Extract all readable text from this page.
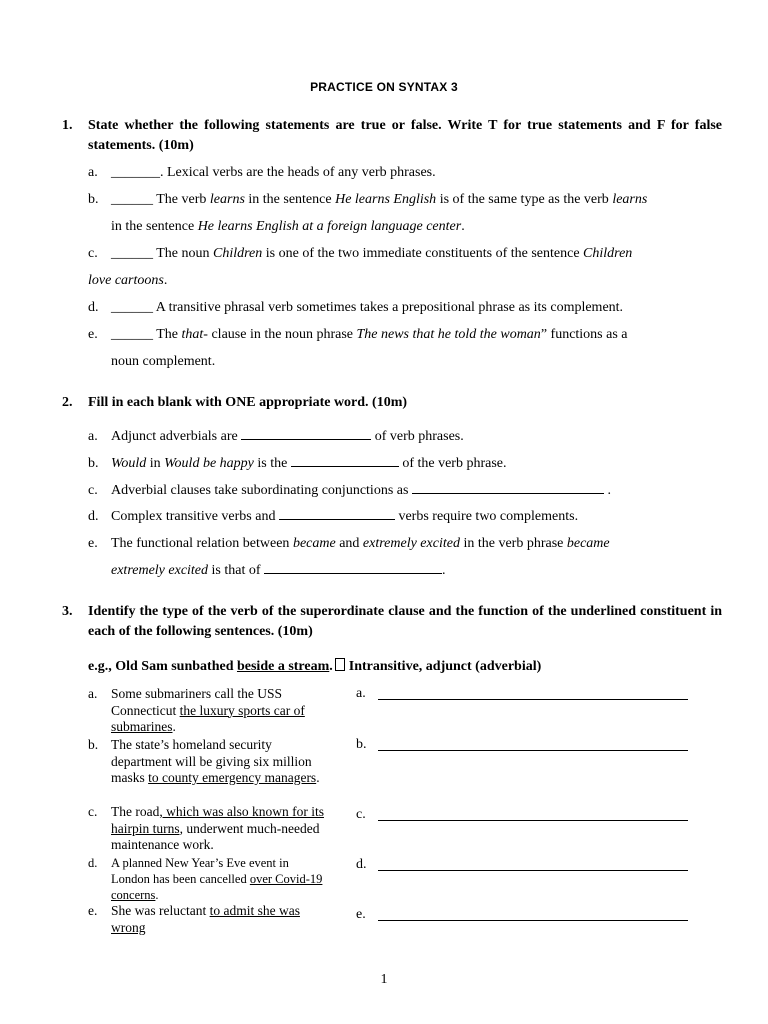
PRACTICE ON SYNTAX 3
1. State whether the following statements are true or false. Write T for true statements and F for false statements. (10m)
a. _______. Lexical verbs are the heads of any verb phrases.
b. ______ The verb learns in the sentence He learns English is of the same type as the verb learns
in the sentence He learns English at a foreign language center.
c. ______ The noun Children is one of the two immediate constituents of the sentence Children
love cartoons.
d. ______ A transitive phrasal verb sometimes takes a prepositional phrase as its complement.
e. ______ The that- clause in the noun phrase The news that he told the woman” functions as a
noun complement.
2. Fill in each blank with ONE appropriate word. (10m)
a. Adjunct adverbials are	of verb phrases.
b. Would in Would be happy is the	of the verb phrase.
c. Adverbial clauses take subordinating conjunctions as	.
d. Complex transitive verbs and	verbs require two complements.
e. The functional relation between became and extremely excited in the verb phrase became
extremely excited is that of	.
3. Identify the type of the verb of the superordinate clause and the function of the underlined constituent in each of the following sentences. (10m)
e.g., Old Sam sunbathed beside a stream. Intransitive, adjunct (adverbial)
a. Some submariners call the USS Connecticut the luxury sports car of submarines.
a.
b. The state’s homeland security department will be giving six million masks to county emergency managers.
b.
c. The road, which was also known for its hairpin turns, underwent much-needed maintenance work.
c.
d. A planned New Year’s Eve event in London has been cancelled over Covid-19 concerns.
d.
e. She was reluctant to admit she was wrong
e.
1
